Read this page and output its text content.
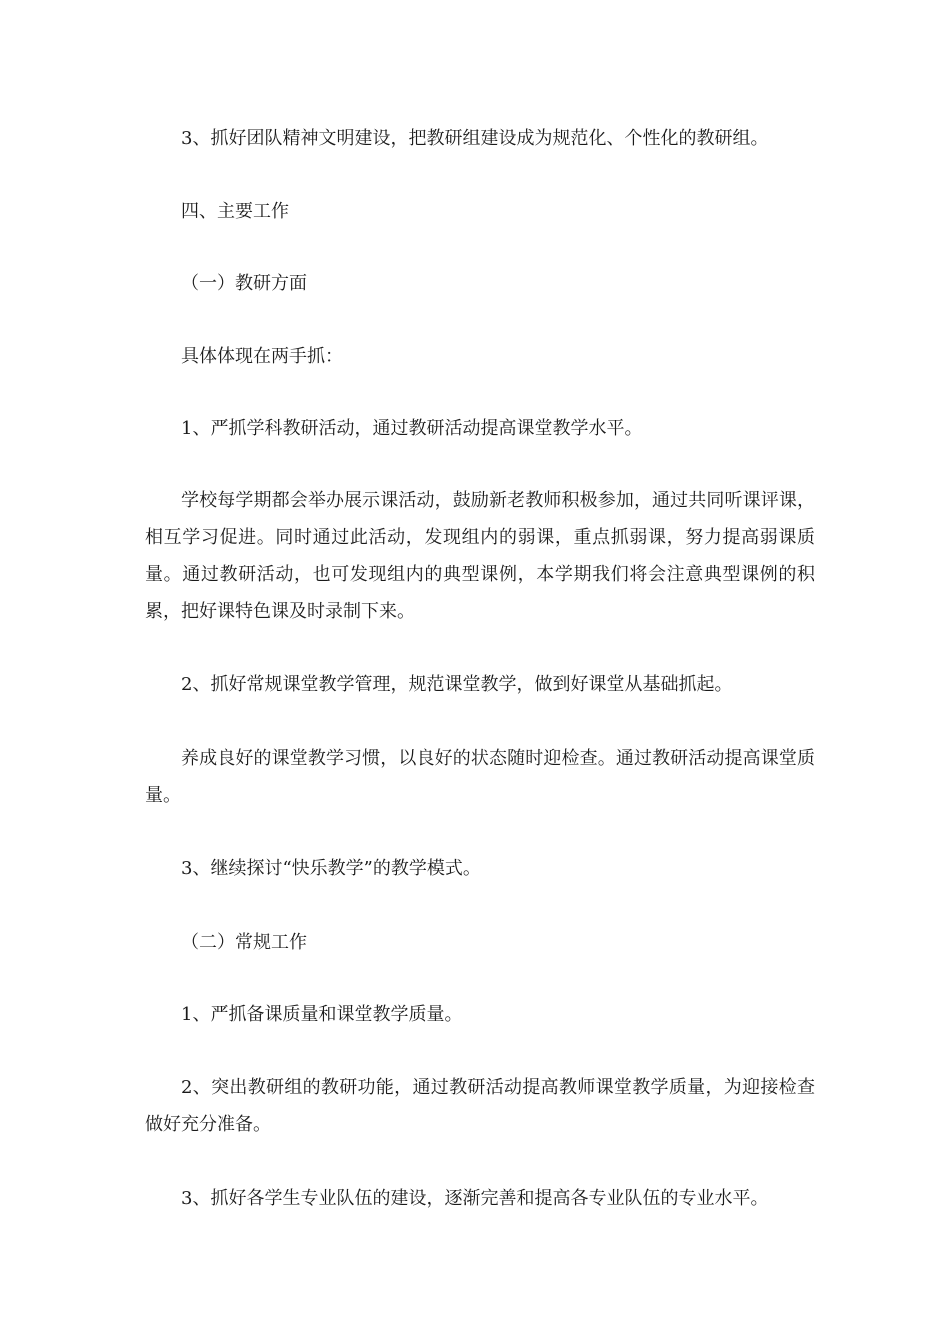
3、抓好团队精神文明建设，把教研组建设成为规范化、个性化的教研组。

四、主要工作

（一）教研方面

具体体现在两手抓：

1、严抓学科教研活动，通过教研活动提高课堂教学水平。

学校每学期都会举办展示课活动，鼓励新老教师积极参加，通过共同听课评课，相互学习促进。同时通过此活动，发现组内的弱课，重点抓弱课，努力提高弱课质量。通过教研活动，也可发现组内的典型课例，本学期我们将会注意典型课例的积累，把好课特色课及时录制下来。

2、抓好常规课堂教学管理，规范课堂教学，做到好课堂从基础抓起。

养成良好的课堂教学习惯，以良好的状态随时迎检查。通过教研活动提高课堂质量。

3、继续探讨“快乐教学”的教学模式。

（二）常规工作

1、严抓备课质量和课堂教学质量。

2、突出教研组的教研功能，通过教研活动提高教师课堂教学质量，为迎接检查做好充分准备。

3、抓好各学生专业队伍的建设，逐渐完善和提高各专业队伍的专业水平。
